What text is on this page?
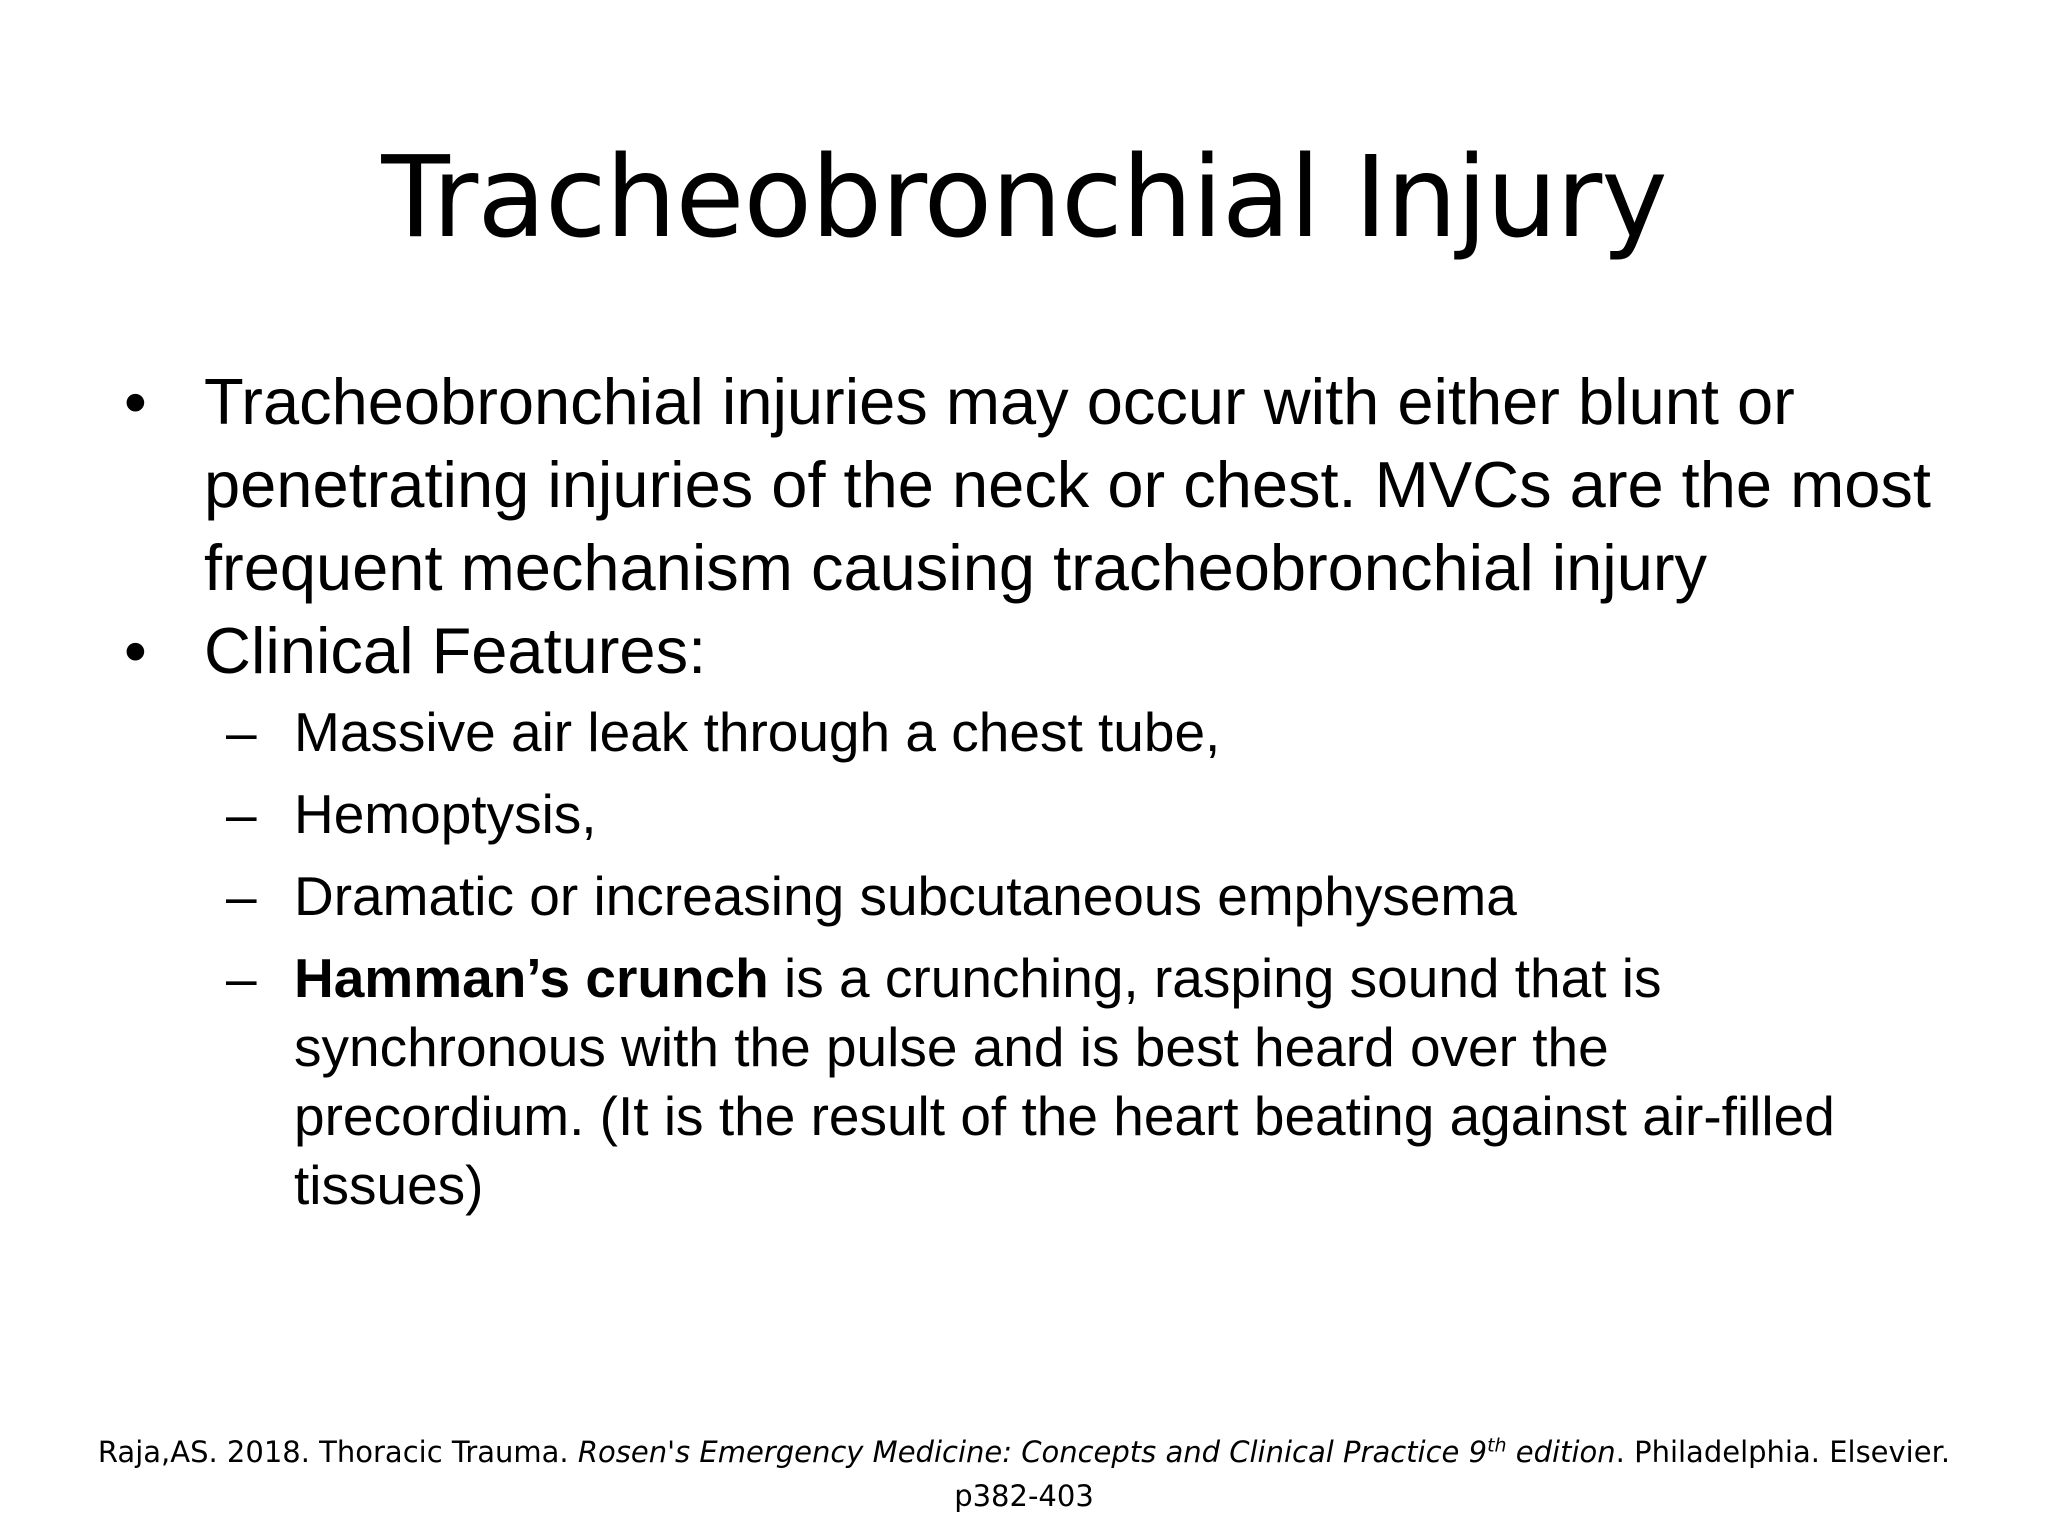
Tracheobronchial Injury
• Tracheobronchial injuries may occur with either blunt or penetrating injuries of the neck or chest. MVCs are the most frequent mechanism causing tracheobronchial injury
• Clinical Features:
– Massive air leak through a chest tube,
– Hemoptysis,
– Dramatic or increasing subcutaneous emphysema
– Hamman’s crunch is a crunching, rasping sound that is synchronous with the pulse and is best heard over the precordium. (It is the result of the heart beating against air-filled tissues)
Raja,AS. 2018. Thoracic Trauma. Rosen's Emergency Medicine: Concepts and Clinical Practice 9th edition. Philadelphia. Elsevier.
p382-403
